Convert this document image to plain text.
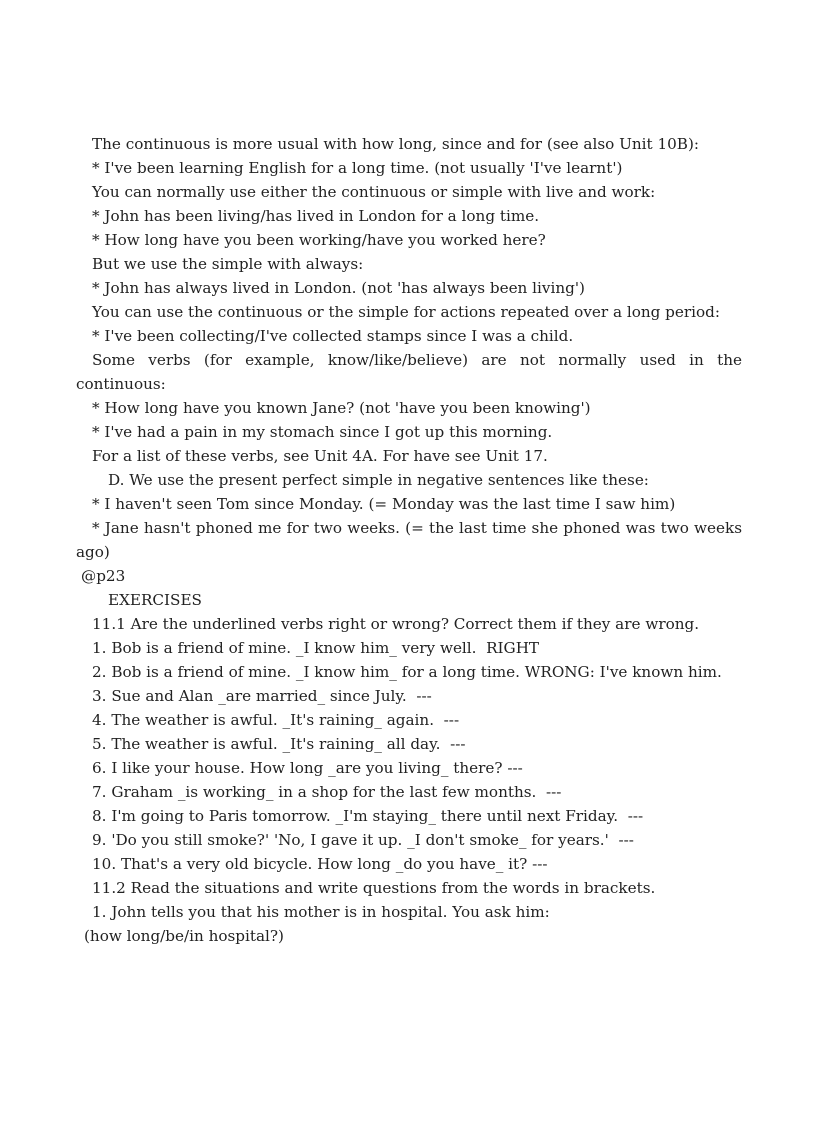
The continuous is more usual with how long, since and for (see also Unit 10B):
* I've been learning English for a long time. (not usually 'I've learnt')
You can normally use either the continuous or simple with live and work:
* John has been living/has lived in London for a long time.
* How long have you been working/have you worked here?
But we use the simple with always:
* John has always lived in London. (not 'has always been living')
You can use the continuous or the simple for actions repeated over a long period:
* I've been collecting/I've collected stamps since I was a child.
Some verbs (for example, know/like/believe) are not normally used in the continuous:
* How long have you known Jane? (not 'have you been knowing')
* I've had a pain in my stomach since I got up this morning.
For a list of these verbs, see Unit 4A. For have see Unit 17.
D. We use the present perfect simple in negative sentences like these:
* I haven't seen Tom since Monday. (= Monday was the last time I saw him)
* Jane hasn't phoned me for two weeks. (= the last time she phoned was two weeks ago)
@p23
EXERCISES
11.1 Are the underlined verbs right or wrong? Correct them if they are wrong.
1. Bob is a friend of mine. _I know him_ very well.  RIGHT
2. Bob is a friend of mine. _I know him_ for a long time. WRONG: I've known him.
3. Sue and Alan _are married_ since July.  ---
4. The weather is awful. _It's raining_ again.  ---
5. The weather is awful. _It's raining_ all day.  ---
6. I like your house. How long _are you living_ there? ---
7. Graham _is working_ in a shop for the last few months.  ---
8. I'm going to Paris tomorrow. _I'm staying_ there until next Friday.  ---
9. 'Do you still smoke?' 'No, I gave it up. _I don't smoke_ for years.'  ---
10. That's a very old bicycle. How long _do you have_ it? ---
11.2 Read the situations and write questions from the words in brackets.
1. John tells you that his mother is in hospital. You ask him:
(how long/be/in hospital?)
